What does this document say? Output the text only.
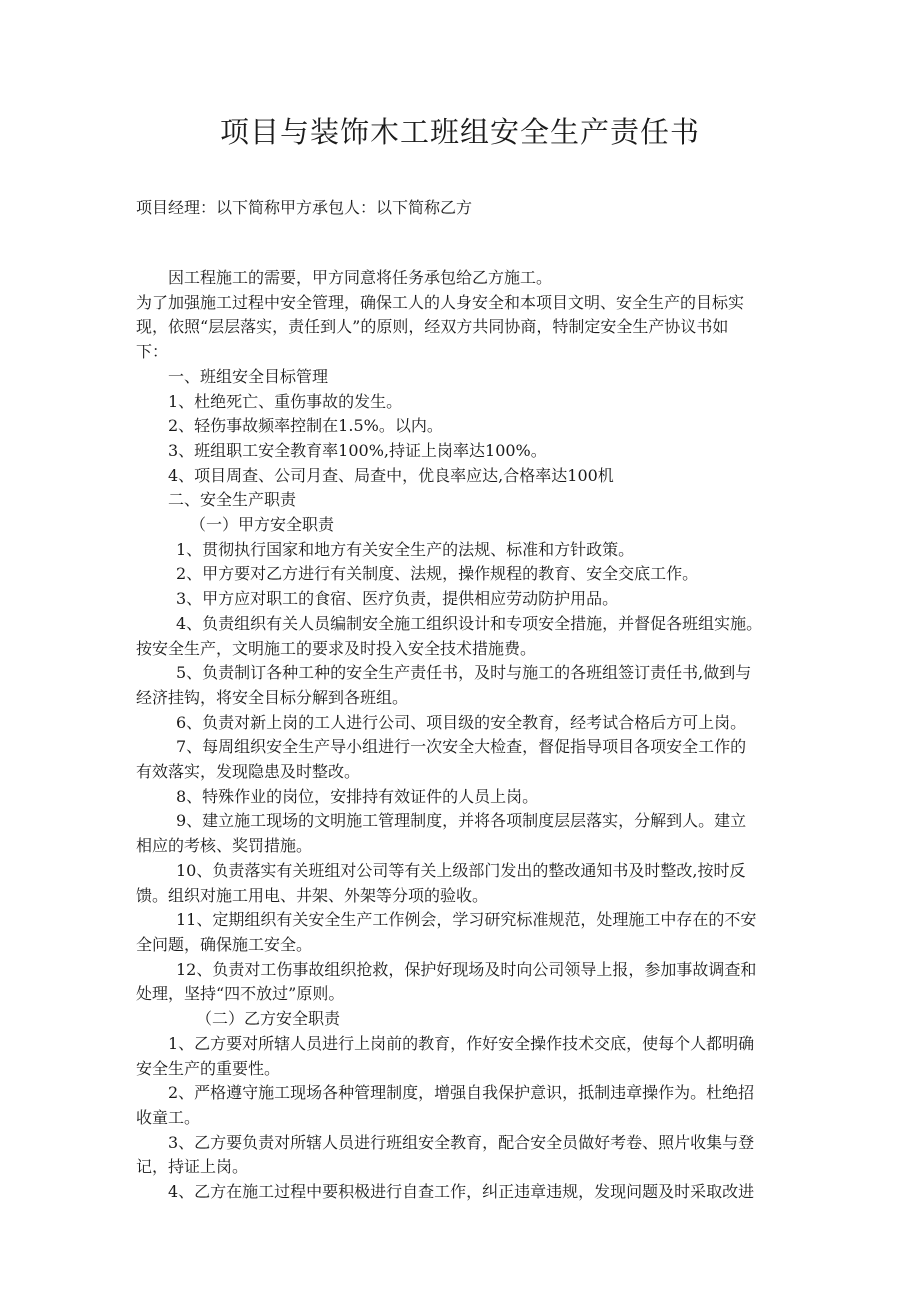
项目与装饰木工班组安全生产责任书

项目经理：以下简称甲方承包人：以下简称乙方

因工程施工的需要，甲方同意将任务承包给乙方施工。

为了加强施工过程中安全管理，确保工人的人身安全和本项目文明、安全生产的目标实

现，依照“层层落实，责任到人”的原则，经双方共同协商，特制定安全生产协议书如

下：

一、班组安全目标管理

1、杜绝死亡、重伤事故的发生。

2、轻伤事故频率控制在1.5%。以内。

3、班组职工安全教育率100%,持证上岗率达100%。

4、项目周查、公司月查、局查中，优良率应达,合格率达100机

二、安全生产职责

（一）甲方安全职责

1、贯彻执行国家和地方有关安全生产的法规、标准和方针政策。

2、甲方要对乙方进行有关制度、法规，操作规程的教育、安全交底工作。

3、甲方应对职工的食宿、医疗负责，提供相应劳动防护用品。

4、负责组织有关人员编制安全施工组织设计和专项安全措施，并督促各班组实施。

按安全生产，文明施工的要求及时投入安全技术措施费。

5、负责制订各种工种的安全生产责任书，及时与施工的各班组签订责任书,做到与

经济挂钩，将安全目标分解到各班组。

6、负责对新上岗的工人进行公司、项目级的安全教育，经考试合格后方可上岗。

7、每周组织安全生产导小组进行一次安全大检查，督促指导项目各项安全工作的

有效落实，发现隐患及时整改。

8、特殊作业的岗位，安排持有效证件的人员上岗。

9、建立施工现场的文明施工管理制度，并将各项制度层层落实，分解到人。建立

相应的考核、奖罚措施。

10、负责落实有关班组对公司等有关上级部门发出的整改通知书及时整改,按时反

馈。组织对施工用电、井架、外架等分项的验收。

11、定期组织有关安全生产工作例会，学习研究标准规范，处理施工中存在的不安

全问题，确保施工安全。

12、负责对工伤事故组织抢救，保护好现场及时向公司领导上报，参加事故调查和

处理，坚持“四不放过”原则。

（二）乙方安全职责

1、乙方要对所辖人员进行上岗前的教育，作好安全操作技术交底，使每个人都明确

安全生产的重要性。

2、严格遵守施工现场各种管理制度，增强自我保护意识，抵制违章操作为。杜绝招

收童工。

3、乙方要负责对所辖人员进行班组安全教育，配合安全员做好考卷、照片收集与登

记，持证上岗。

4、乙方在施工过程中要积极进行自查工作，纠正违章违规，发现问题及时采取改进
